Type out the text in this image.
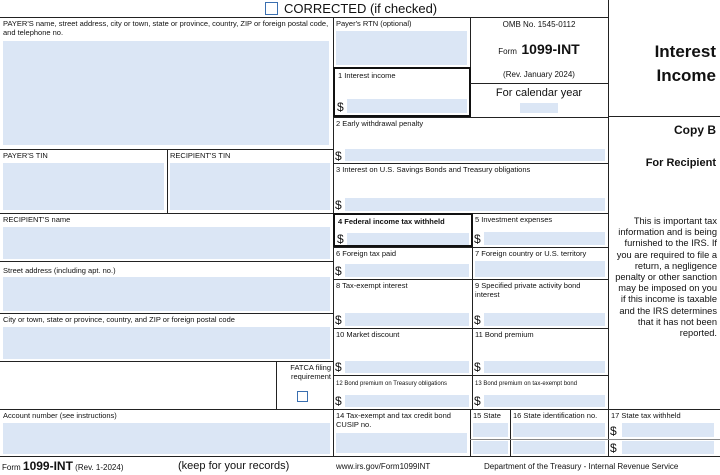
CORRECTED (if checked)
PAYER'S name, street address, city or town, state or province, country, ZIP or foreign postal code, and telephone no.
PAYER'S TIN	RECIPIENT'S TIN
RECIPIENT'S name
Street address (including apt. no.)
City or town, state or province, country, and ZIP or foreign postal code
FATCA filing requirement
Account number (see instructions)
Payer's RTN (optional)
1 Interest income
$
OMB No. 1545-0112
Form 1099-INT
(Rev. January 2024)
For calendar year
2 Early withdrawal penalty
$
3 Interest on U.S. Savings Bonds and Treasury obligations
$
4 Federal income tax withheld
$
5 Investment expenses
$
6 Foreign tax paid
$
7 Foreign country or U.S. territory
8 Tax-exempt interest
$
9 Specified private activity bond interest
$
10 Market discount
$
11 Bond premium
$
12 Bond premium on Treasury obligations
$
13 Bond premium on tax-exempt bond
$
14 Tax-exempt and tax credit bond CUSIP no.
15 State 16 State identification no. 17 State tax withheld
$
$
Interest
Income
Copy B
For Recipient
This is important tax information and is being furnished to the IRS. If you are required to file a return, a negligence penalty or other sanction may be imposed on you if this income is taxable and the IRS determines that it has not been reported.
Form 1099-INT (Rev. 1-2024)	(keep for your records)	www.irs.gov/Form1099INT	Department of the Treasury - Internal Revenue Service
